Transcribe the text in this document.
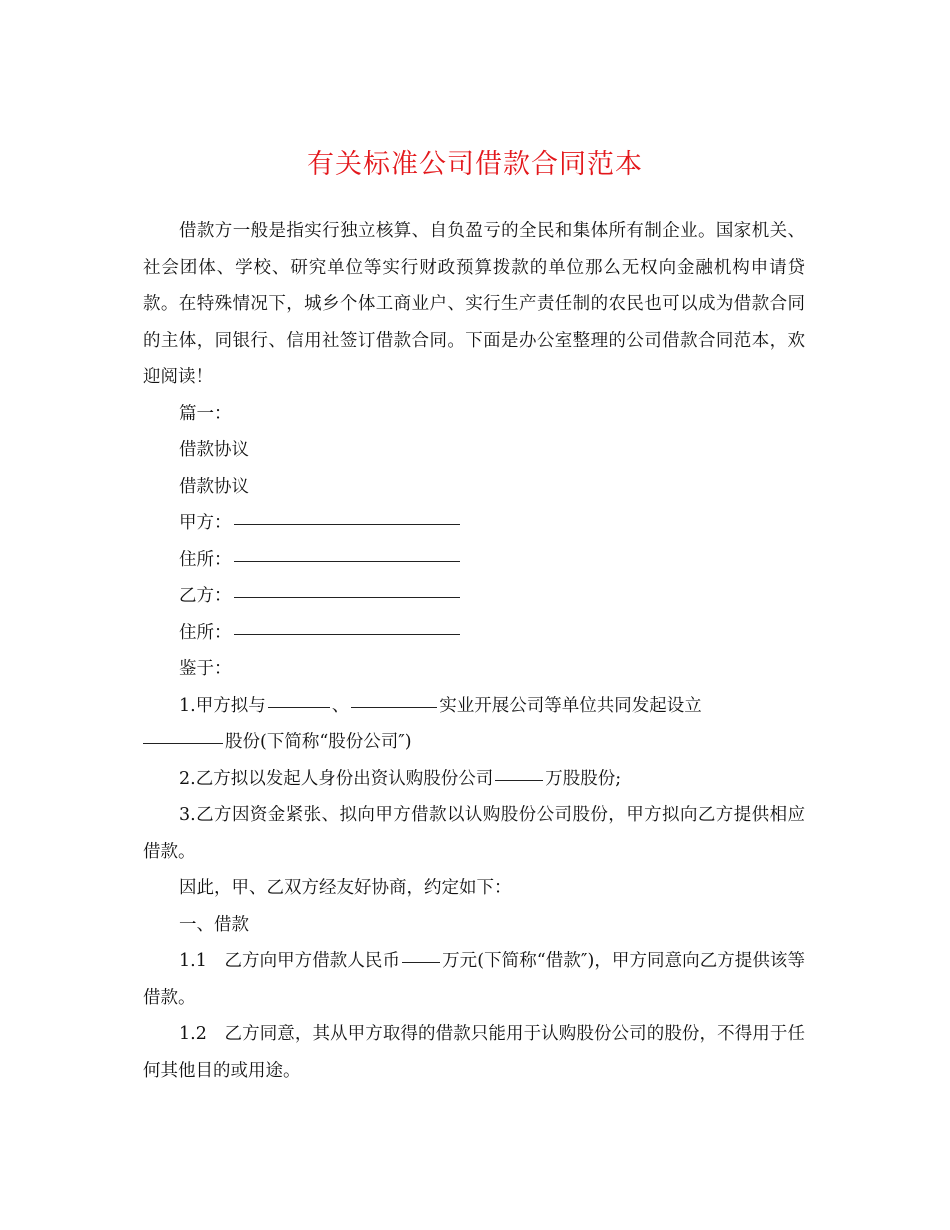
有关标准公司借款合同范本

借款方一般是指实行独立核算、自负盈亏的全民和集体所有制企业。国家机关、社会团体、学校、研究单位等实行财政预算拨款的单位那么无权向金融机构申请贷款。在特殊情况下，城乡个体工商业户、实行生产责任制的农民也可以成为借款合同的主体，同银行、信用社签订借款合同。下面是办公室整理的公司借款合同范本，欢迎阅读！

篇一：

借款协议

借款协议

甲方：

住所：

乙方：

住所：

鉴于：

1.甲方拟与	、	实业开展公司等单位共同发起设立

股份(下简称“股份公司″)

2.乙方拟以发起人身份出资认购股份公司	万股股份;

3.乙方因资金紧张、拟向甲方借款以认购股份公司股份，甲方拟向乙方提供相应借款。

因此，甲、乙双方经友好协商，约定如下：

一、借款

1.1　乙方向甲方借款人民币 万元(下简称“借款″)，甲方同意向乙方提供该等借款。

1.2　乙方同意，其从甲方取得的借款只能用于认购股份公司的股份，不得用于任何其他目的或用途。
